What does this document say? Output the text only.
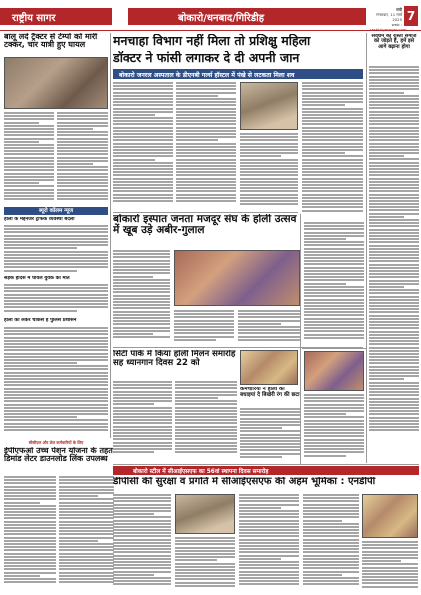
राष्ट्रीय सागर	बोकारो/धनबाद/गिरिडीह
रांची
मंगलवार, 11 मार्च 2025
web :
7
बालू लदे ट्रैक्टर से टेम्पो को मारी टक्कर, चार यात्री हुए घायल
ब्यूरो कॉलम न्यूज
होली के मद्देनजर ट्रैफिक व्यवस्था बदली
सड़क हादसे में घायल युवक की मौत
होली को लेकर चौकस है पुलिस प्रशासन
सीसीएल और लेल कर्मचारियों के लिए
ईपीएफओ उच्च पेंशन योजना के तहत डिमांड लेटर डाउनलोड लिंक उपलब्ध
मनचाहा विभाग नहीं मिला तो प्रशिक्षु महिला
डॉक्टर ने फांसी लगाकर दे दी अपनी जान
बोकारो जनरल अस्पताल के डीएनबी गर्ल्स हॉस्टल में पंखे से लटकता मिला शव
बोकारो इस्पात जनता मजदूर संघ के होली उत्सव में खूब उड़े अबीर-गुलाल
सिटी पार्क में किया होली मिलन समारोह सह ध्यानगान दिवस 22 को
कर्मचारियों ने होली की बधाइयां दे बिखेरी रंग की छटा
सर्वधर्म का रास्ता समाज को जोड़ते हैं, हमें इसे आगे बढ़ाना होगा
बोकारो स्टील में सीआईएसएफ का 56वां स्थापना दिवस समारोह
डीपीसी की सुरक्षा व प्रगति में सीआईएसएफ की अहम भूमिका : एनडीपी
